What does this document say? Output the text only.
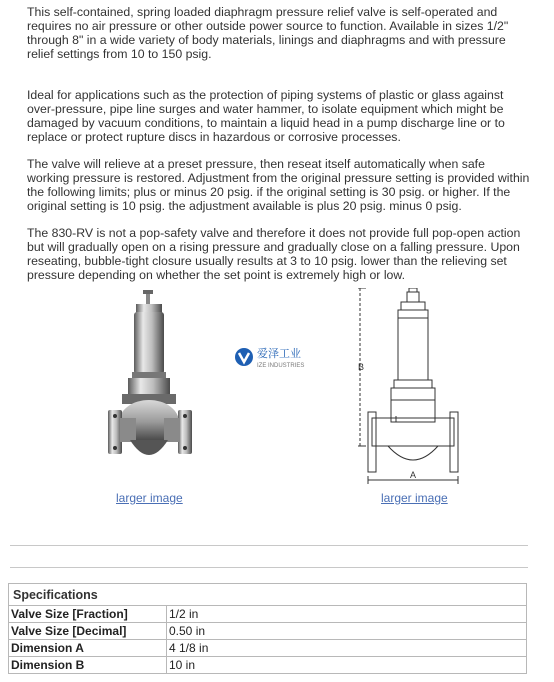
This self-contained, spring loaded diaphragm pressure relief valve is self-operated and requires no air pressure or other outside power source to function. Available in sizes 1/2" through 8" in a wide variety of body materials, linings and diaphragms and with pressure relief settings from 10 to 150 psig.

Ideal for applications such as the protection of piping systems of plastic or glass against over-pressure, pipe line surges and water hammer, to isolate equipment which might be damaged by vacuum conditions, to maintain a liquid head in a pump discharge line or to replace or protect rupture discs in hazardous or corrosive processes.

The valve will relieve at a preset pressure, then reseat itself automatically when safe working pressure is restored. Adjustment from the original pressure setting is provided within the following limits; plus or minus 20 psig. if the original setting is 30 psig. or higher. If the original setting is 10 psig. the adjustment available is plus 20 psig. minus 0 psig.

The 830-RV is not a pop-safety valve and therefore it does not provide full pop-open action but will gradually open on a rising pressure and gradually close on a falling pressure. Upon reseating, bubble-tight closure usually results at 3 to 10 psig. lower than the relieving set pressure depending on whether the set point is extremely high or low.

爱泽工业
IZE INDUSTRIES	B
A
larger image	larger image
Specifications
Valve Size [Fraction]	1/2 in
Valve Size [Decimal]	0.50 in
Dimension A	4 1/8 in
Dimension B	10 in
